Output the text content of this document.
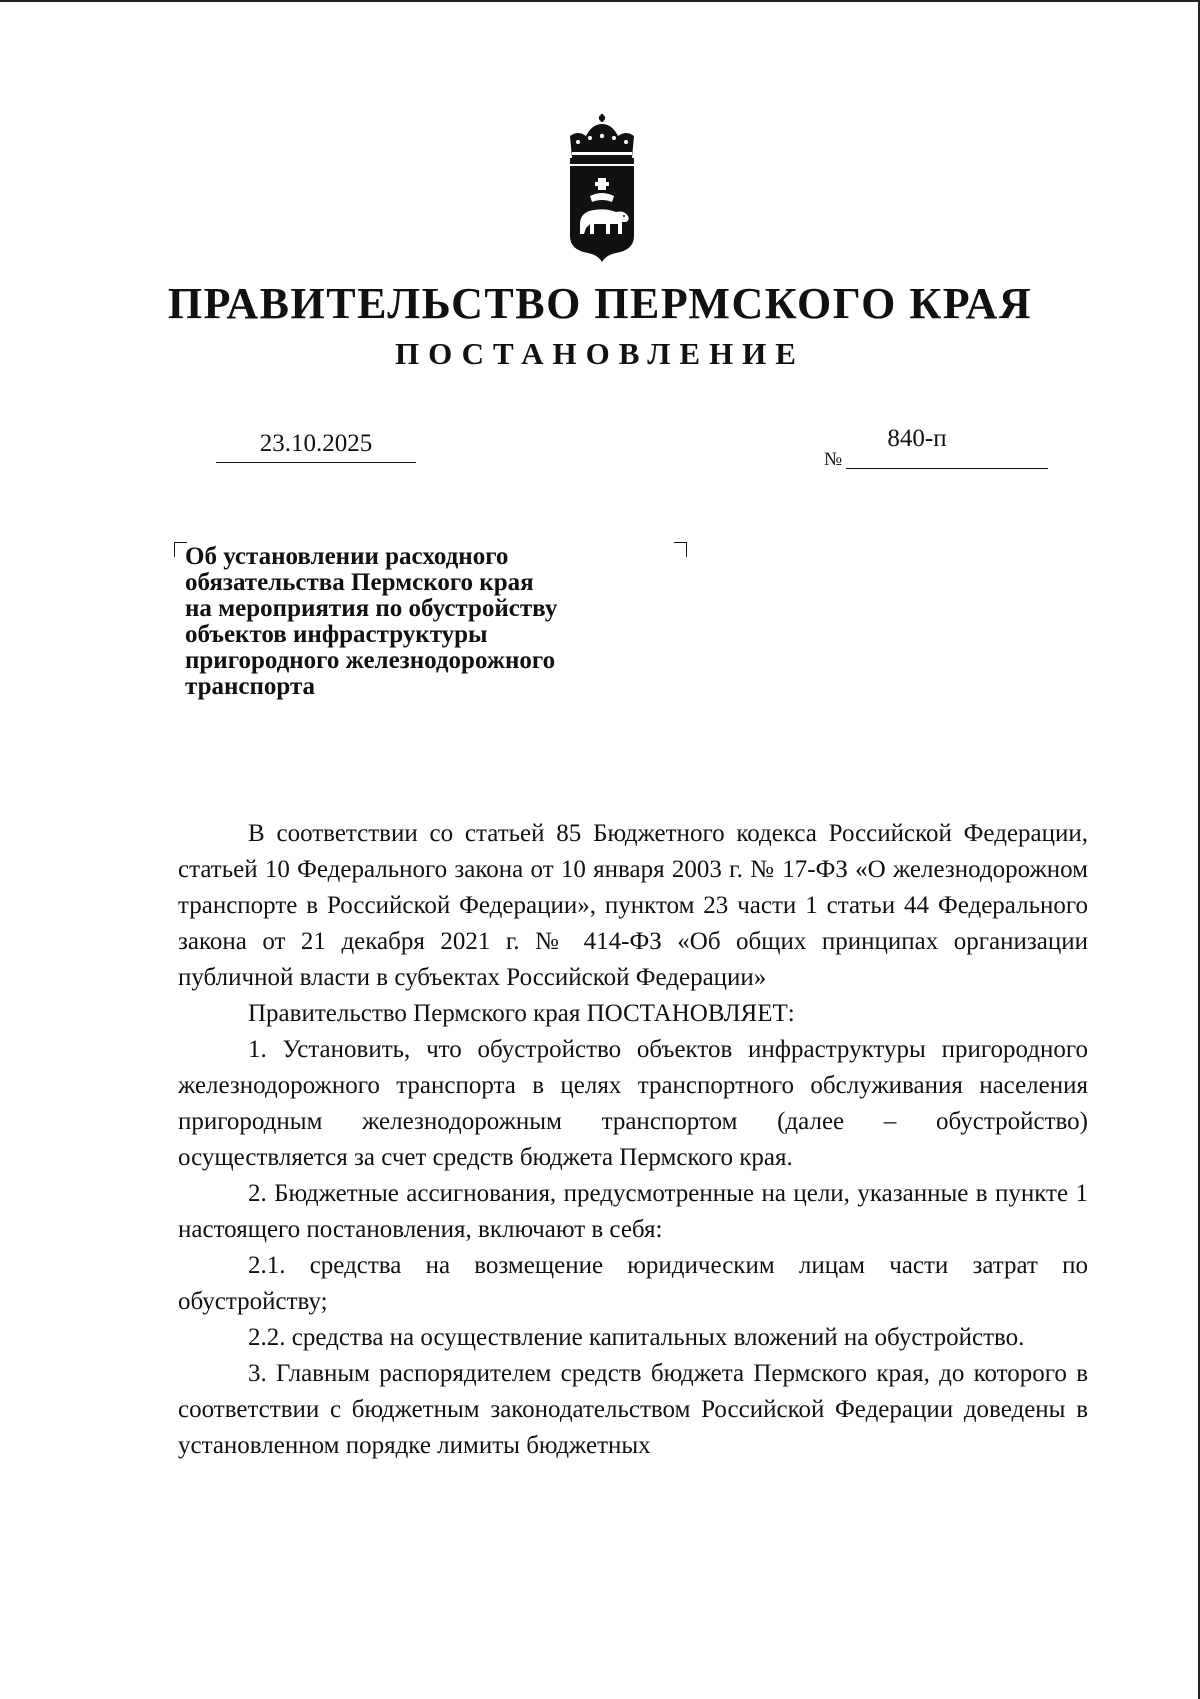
ПРАВИТЕЛЬСТВО ПЕРМСКОГО КРАЯ
ПОСТАНОВЛЕНИЕ
23.10.2025
№
840-п
Об установлении расходного
обязательства Пермского края
на мероприятия по обустройству
объектов инфраструктуры
пригородного железнодорожного
транспорта

В соответствии со статьей 85 Бюджетного кодекса Российской Федерации, статьей 10 Федерального закона от 10 января 2003 г. № 17-ФЗ «О железнодорожном транспорте в Российской Федерации», пунктом 23 части 1 статьи 44 Федерального закона от 21 декабря 2021 г. № 414-ФЗ «Об общих принципах организации публичной власти в субъектах Российской Федерации»

Правительство Пермского края ПОСТАНОВЛЯЕТ:

1. Установить, что обустройство объектов инфраструктуры пригородного железнодорожного транспорта в целях транспортного обслуживания населения пригородным железнодорожным транспортом (далее – обустройство) осуществляется за счет средств бюджета Пермского края.

2. Бюджетные ассигнования, предусмотренные на цели, указанные в пункте 1 настоящего постановления, включают в себя:

2.1. средства на возмещение юридическим лицам части затрат по обустройству;

2.2. средства на осуществление капитальных вложений на обустройство.

3. Главным распорядителем средств бюджета Пермского края, до которого в соответствии с бюджетным законодательством Российской Федерации доведены в установленном порядке лимиты бюджетных
